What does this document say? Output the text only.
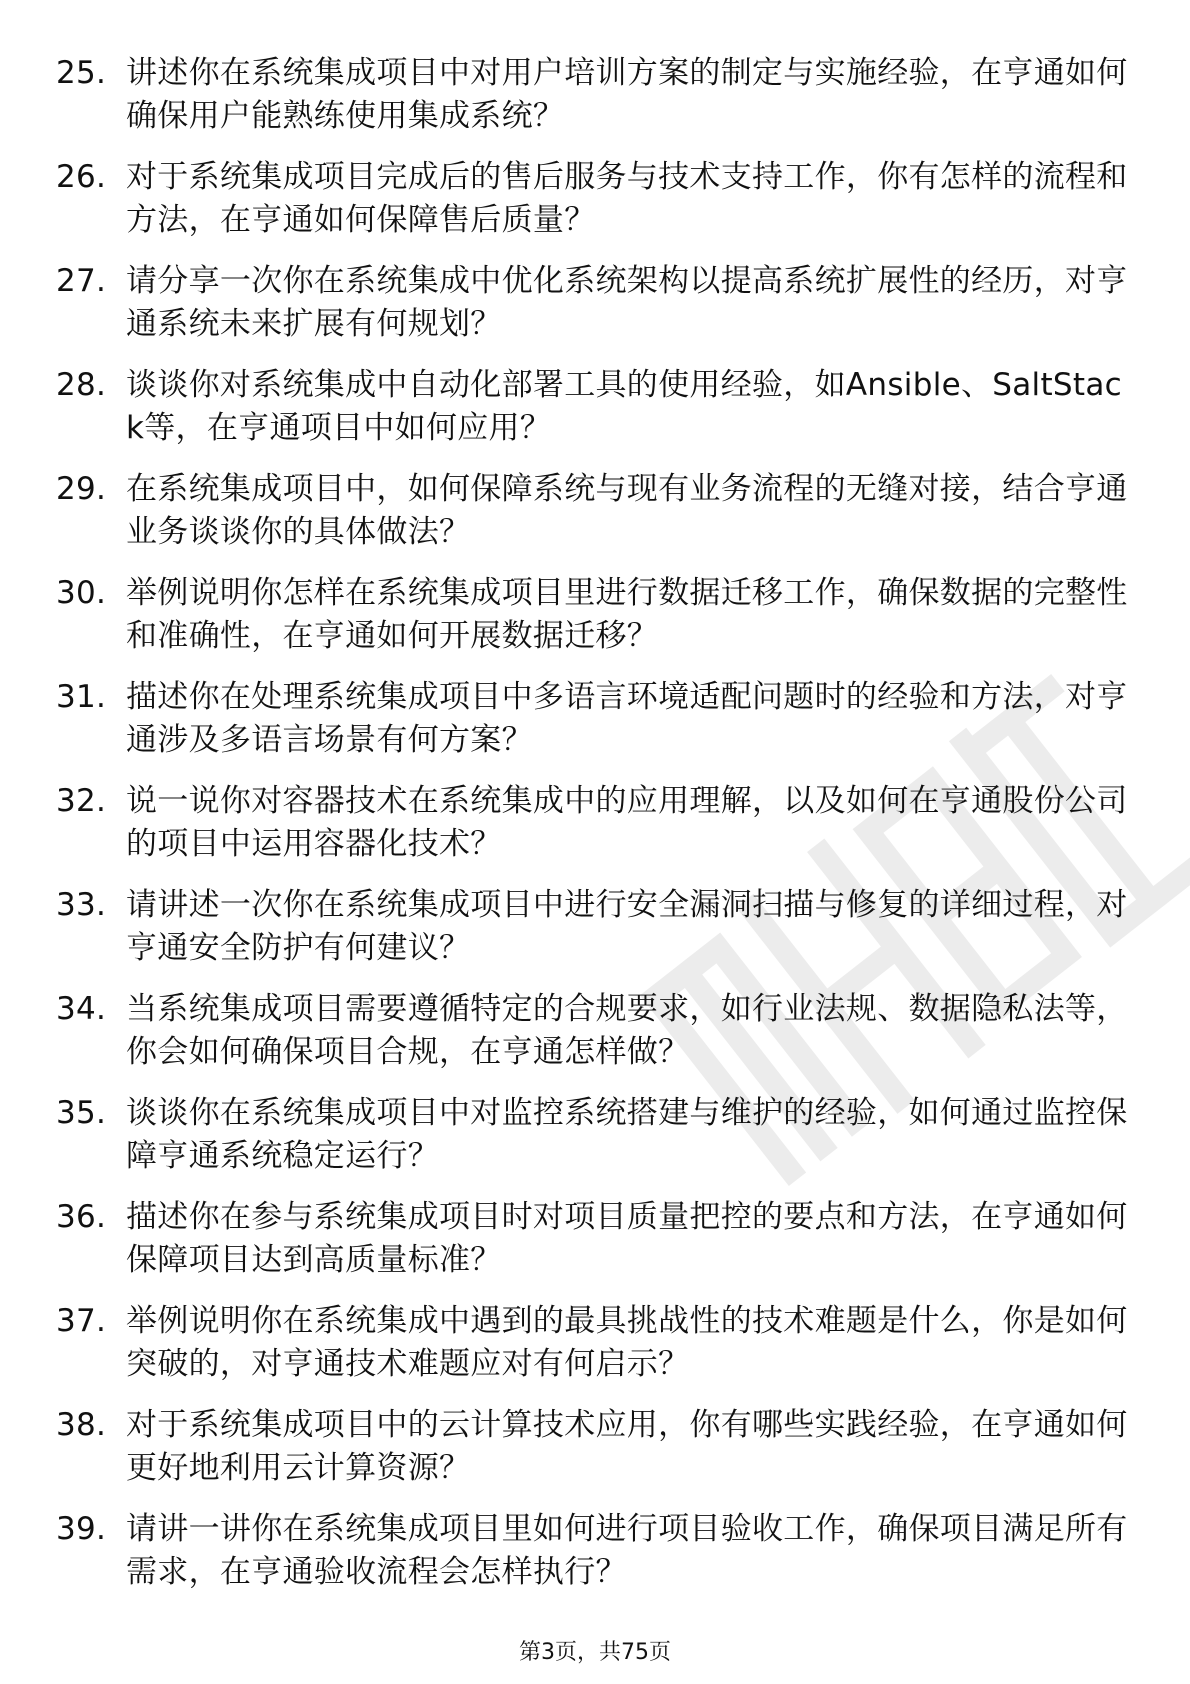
25. 讲述你在系统集成项目中对用户培训方案的制定与实施经验，在亨通如何确保用户能熟练使用集成系统？
26. 对于系统集成项目完成后的售后服务与技术支持工作，你有怎样的流程和方法，在亨通如何保障售后质量？
27. 请分享一次你在系统集成中优化系统架构以提高系统扩展性的经历，对亨通系统未来扩展有何规划？
28. 谈谈你对系统集成中自动化部署工具的使用经验，如Ansible、SaltStack等，在亨通项目中如何应用？
29. 在系统集成项目中，如何保障系统与现有业务流程的无缝对接，结合亨通业务谈谈你的具体做法？
30. 举例说明你怎样在系统集成项目里进行数据迁移工作，确保数据的完整性和准确性，在亨通如何开展数据迁移？
31. 描述你在处理系统集成项目中多语言环境适配问题时的经验和方法，对亨通涉及多语言场景有何方案？
32. 说一说你对容器技术在系统集成中的应用理解，以及如何在亨通股份公司的项目中运用容器化技术？
33. 请讲述一次你在系统集成项目中进行安全漏洞扫描与修复的详细过程，对亨通安全防护有何建议？
34. 当系统集成项目需要遵循特定的合规要求，如行业法规、数据隐私法等，你会如何确保项目合规，在亨通怎样做？
35. 谈谈你在系统集成项目中对监控系统搭建与维护的经验，如何通过监控保障亨通系统稳定运行？
36. 描述你在参与系统集成项目时对项目质量把控的要点和方法，在亨通如何保障项目达到高质量标准？
37. 举例说明你在系统集成中遇到的最具挑战性的技术难题是什么，你是如何突破的，对亨通技术难题应对有何启示？
38. 对于系统集成项目中的云计算技术应用，你有哪些实践经验，在亨通如何更好地利用云计算资源？
39. 请讲一讲你在系统集成项目里如何进行项目验收工作，确保项目满足所有需求，在亨通验收流程会怎样执行？
第3页，共75页
